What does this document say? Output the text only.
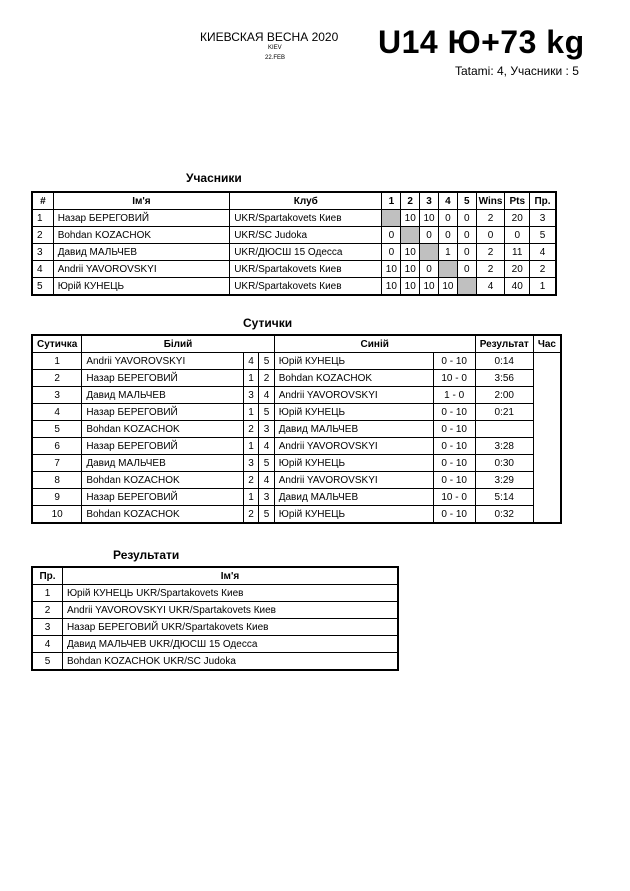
КИЕВСКАЯ ВЕСНА 2020
KIEV
22.FEB	U14 Ю+73 kg
Tatami: 4, Учасники : 5
Учасники
#	Ім'я	Клуб	1	2	3	4	5	Wins	Pts	Пр.
1	Назар БЕРЕГОВИЙ	UKR/Spartakovets Киев		10	10	0	0	2	20	3
2	Bohdan KOZACHOK	UKR/SC Judoka	0		0	0	0	0	0	5
3	Давид МАЛЬЧЕВ	UKR/ДЮСШ 15 Одесса	0	10		1	0	2	11	4
4	Andrii YAVOROVSKYI	UKR/Spartakovets Киев	10	10	0		0	2	20	2
5	Юрій КУНЕЦЬ	UKR/Spartakovets Киев	10	10	10	10		4	40	1
Сутички
Сутичка	Білий			Синій		Результат	Час
1	Andrii YAVOROVSKYI	4	5	Юрій КУНЕЦЬ	0 - 10	0:14	
2	Назар БЕРЕГОВИЙ	1	2	Bohdan KOZACHOK	10 - 0	3:56	
3	Давид МАЛЬЧЕВ	3	4	Andrii YAVOROVSKYI	1 - 0	2:00	
4	Назар БЕРЕГОВИЙ	1	5	Юрій КУНЕЦЬ	0 - 10	0:21	
5	Bohdan KOZACHOK	2	3	Давид МАЛЬЧЕВ	0 - 10		
6	Назар БЕРЕГОВИЙ	1	4	Andrii YAVOROVSKYI	0 - 10	3:28	
7	Давид МАЛЬЧЕВ	3	5	Юрій КУНЕЦЬ	0 - 10	0:30	
8	Bohdan KOZACHOK	2	4	Andrii YAVOROVSKYI	0 - 10	3:29	
9	Назар БЕРЕГОВИЙ	1	3	Давид МАЛЬЧЕВ	10 - 0	5:14	
10	Bohdan KOZACHOK	2	5	Юрій КУНЕЦЬ	0 - 10	0:32	
Результати
Пр.	Ім'я
1	Юрій КУНЕЦЬ UKR/Spartakovets Киев
2	Andrii YAVOROVSKYI UKR/Spartakovets Киев
3	Назар БЕРЕГОВИЙ UKR/Spartakovets Киев
4	Давид МАЛЬЧЕВ UKR/ДЮСШ 15 Одесса
5	Bohdan KOZACHOK UKR/SC Judoka
